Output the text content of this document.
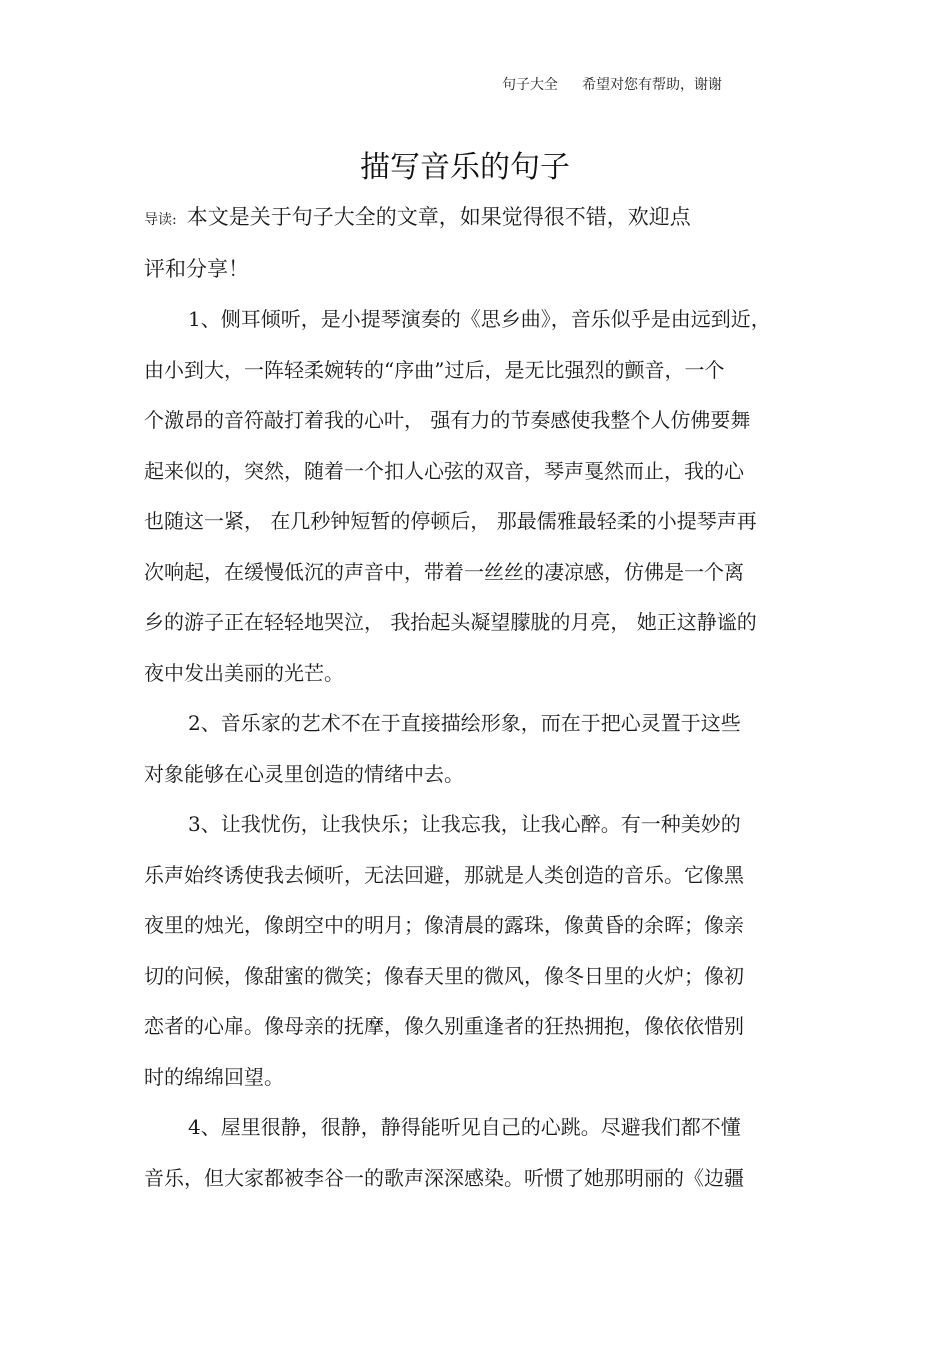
句子大全 希望对您有帮助，谢谢
描写音乐的句子
导读: 本文是关于句子大全的文章，如果觉得很不错，欢迎点
评和分享！
1、侧耳倾听，是小提琴演奏的《思乡曲》，音乐似乎是由远到近，
由小到大，一阵轻柔婉转的“序曲”过后，是无比强烈的颤音，一个
个激昂的音符敲打着我的心叶， 强有力的节奏感使我整个人仿佛要舞
起来似的，突然，随着一个扣人心弦的双音，琴声戛然而止，我的心
也随这一紧， 在几秒钟短暂的停顿后， 那最儒雅最轻柔的小提琴声再
次响起，在缓慢低沉的声音中，带着一丝丝的凄凉感，仿佛是一个离
乡的游子正在轻轻地哭泣， 我抬起头凝望朦胧的月亮， 她正这静谧的
夜中发出美丽的光芒。
2、音乐家的艺术不在于直接描绘形象，而在于把心灵置于这些
对象能够在心灵里创造的情绪中去。
3、让我忧伤，让我快乐；让我忘我，让我心醉。有一种美妙的
乐声始终诱使我去倾听，无法回避，那就是人类创造的音乐。它像黑
夜里的烛光，像朗空中的明月；像清晨的露珠，像黄昏的余晖；像亲
切的问候，像甜蜜的微笑；像春天里的微风，像冬日里的火炉；像初
恋者的心扉。像母亲的抚摩，像久别重逢者的狂热拥抱，像依依惜别
时的绵绵回望。
4、屋里很静，很静，静得能听见自己的心跳。尽避我们都不懂
音乐，但大家都被李谷一的歌声深深感染。听惯了她那明丽的《边疆
